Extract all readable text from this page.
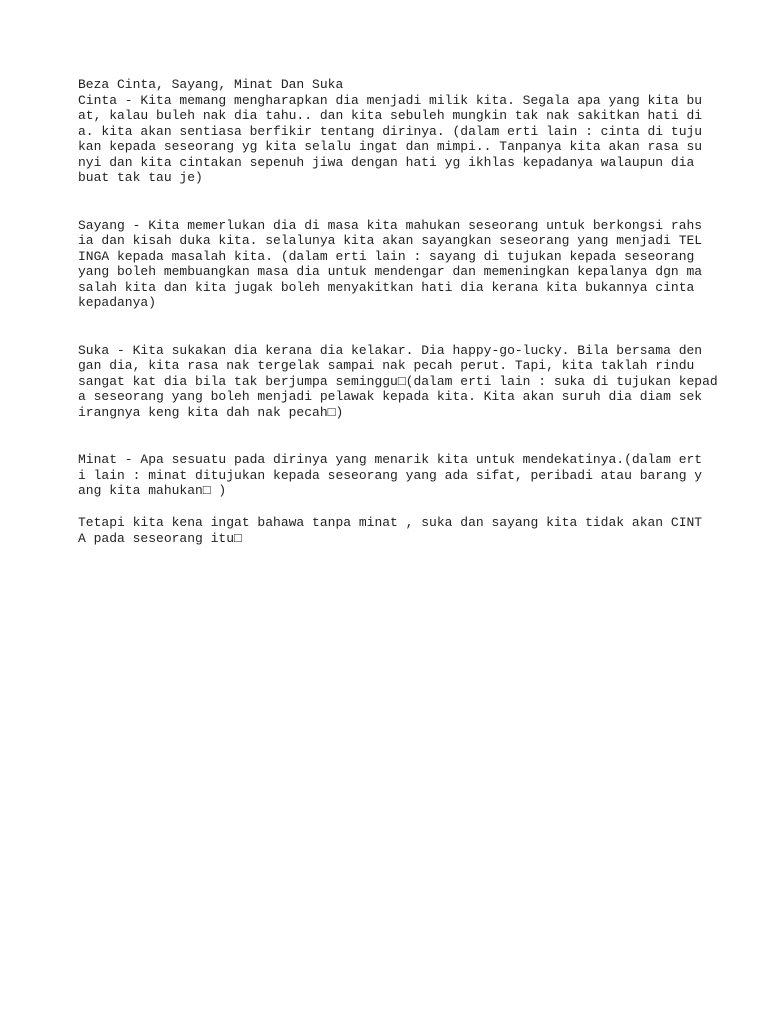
Beza Cinta, Sayang, Minat Dan Suka
Cinta - Kita memang mengharapkan dia menjadi milik kita. Segala apa yang kita bu
at, kalau buleh nak dia tahu.. dan kita sebuleh mungkin tak nak sakitkan hati di
a. kita akan sentiasa berfikir tentang dirinya. (dalam erti lain : cinta di tuju
kan kepada seseorang yg kita selalu ingat dan mimpi.. Tanpanya kita akan rasa su
nyi dan kita cintakan sepenuh jiwa dengan hati yg ikhlas kepadanya walaupun dia
buat tak tau je)
Sayang - Kita memerlukan dia di masa kita mahukan seseorang untuk berkongsi rahs
ia dan kisah duka kita. selalunya kita akan sayangkan seseorang yang menjadi TEL
INGA kepada masalah kita. (dalam erti lain : sayang di tujukan kepada seseorang
yang boleh membuangkan masa dia untuk mendengar dan memeningkan kepalanya dgn ma
salah kita dan kita jugak boleh menyakitkan hati dia kerana kita bukannya cinta
kepadanya)
Suka - Kita sukakan dia kerana dia kelakar. Dia happy-go-lucky. Bila bersama den
gan dia, kita rasa nak tergelak sampai nak pecah perut. Tapi, kita taklah rindu
sangat kat dia bila tak berjumpa seminggu□(dalam erti lain : suka di tujukan kepad
a seseorang yang boleh menjadi pelawak kepada kita. Kita akan suruh dia diam sek
irangnya keng kita dah nak pecah□)
Minat - Apa sesuatu pada dirinya yang menarik kita untuk mendekatinya.(dalam ert
i lain : minat ditujukan kepada seseorang yang ada sifat, peribadi atau barang y
ang kita mahukan□ )
Tetapi kita kena ingat bahawa tanpa minat , suka dan sayang kita tidak akan CINT
A pada seseorang itu□
